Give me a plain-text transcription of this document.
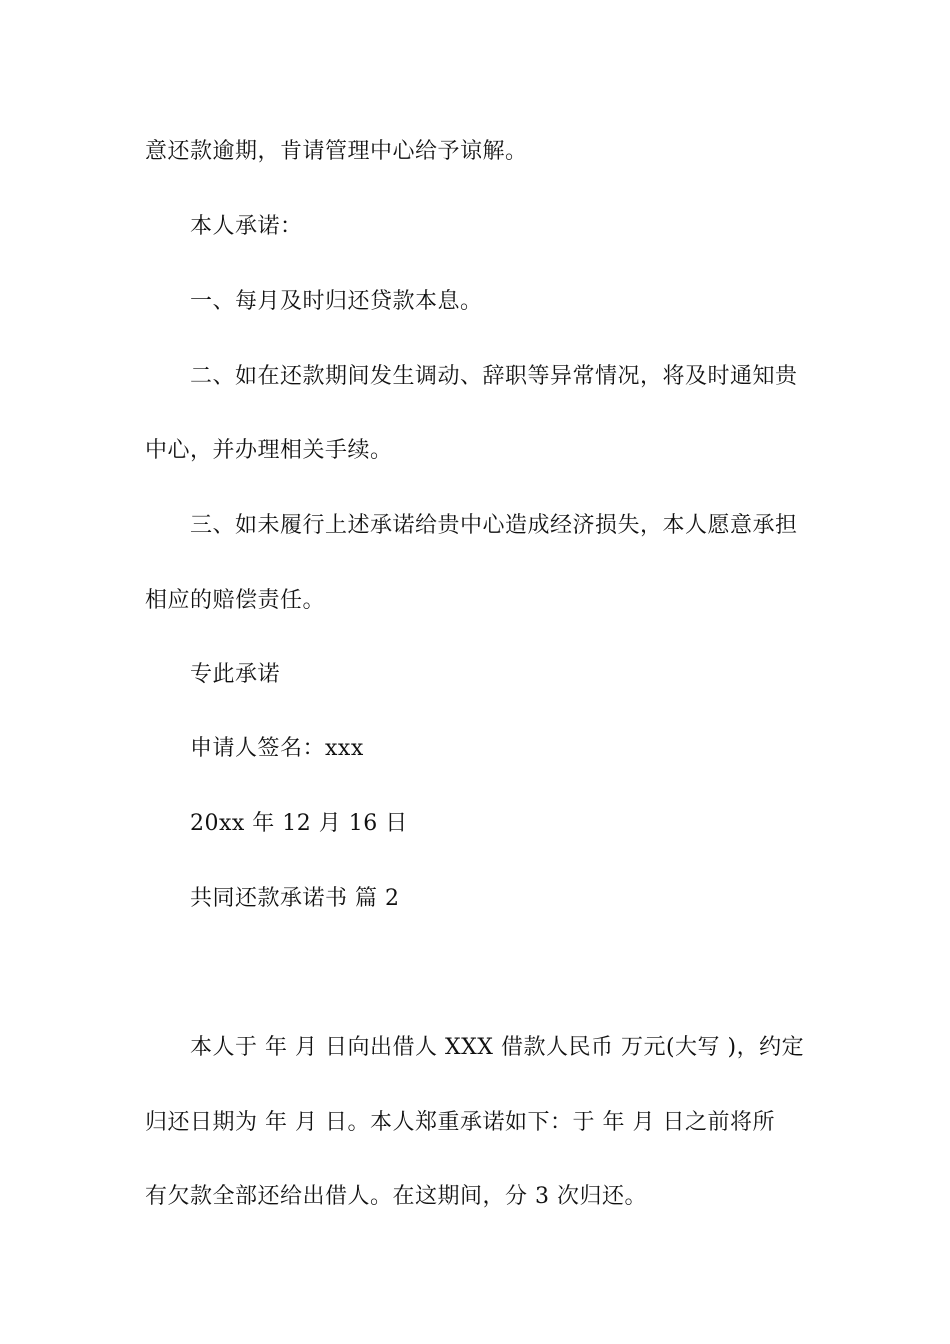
意还款逾期，肯请管理中心给予谅解。
本人承诺：
一、每月及时归还贷款本息。
二、如在还款期间发生调动、辞职等异常情况，将及时通知贵
中心，并办理相关手续。
三、如未履行上述承诺给贵中心造成经济损失，本人愿意承担
相应的赔偿责任。
专此承诺
申请人签名：xxx
20xx 年 12 月 16 日
共同还款承诺书 篇 2
本人于 年 月 日向出借人 XXX 借款人民币 万元(大写 )，约定
归还日期为 年 月 日。本人郑重承诺如下：于 年 月 日之前将所
有欠款全部还给出借人。在这期间，分 3 次归还。
